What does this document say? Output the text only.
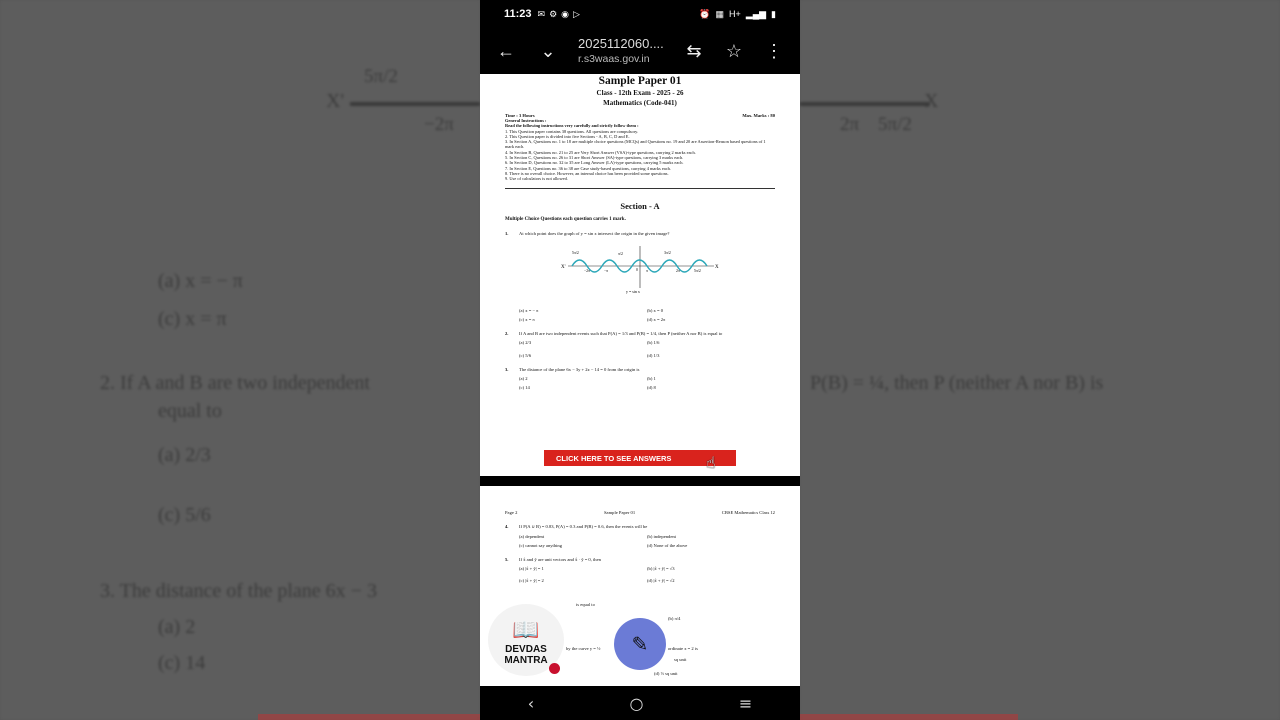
X'
5π/2
−2π
(a) x = − π
(c) x = π
2. If A and B are two independent
equal to
(a) 2/3
(c) 5/6
3. The distance of the plane 6x − 3
(a) 2
(c) 14
X
2π 5π/2
P(B) = ¼, then P (neither A nor B) is
11:23 ✉ ⚙ ◉ ▷	⏰ ▦ H+ ▂▄▆ ▮
← ⌄	2025112060....
r.s3waas.gov.in	⇆ ☆ ⋮
Sample Paper 01
Class - 12th Exam - 2025 - 26
Mathematics (Code-041)
Time : 3 Hours	Max. Marks : 80
General Instructions :
Read the following instructions very carefully and strictly follow them :
1. This Question paper contains 38 questions. All questions are compulsory.
2. This Question paper is divided into five Sections - A, B, C, D and E.
3. In Section A, Questions no. 1 to 18 are multiple choice questions (MCQs) and Questions no. 19 and 20 are Assertion-Reason based questions of 1 mark each.
4. In Section B, Questions no. 21 to 25 are Very Short Answer (VSA)-type questions, carrying 2 marks each.
5. In Section C, Questions no. 26 to 31 are Short Answer (SA)-type questions, carrying 3 marks each.
6. In Section D, Questions no. 32 to 35 are Long Answer (LA)-type questions, carrying 5 marks each.
7. In Section E, Questions no. 36 to 38 are Case study-based questions, carrying 4 marks each.
8. There is no overall choice. However, an internal choice has been provided some questions.
9. Use of calculators is not allowed.
Section - A
Multiple Choice Questions each question carries 1 mark.
1.	At which point does the graph of y = sin x intersect the origin in the given image?
X'	X
5π/2	π/2	3π/2
−2π	−π	0 π	2π	5π/2
y = sin x
(a) x = − π	(b) x = 0
(c) x = π	(d) x = 2π
2.	If A and B are two independent events such that P(A) = 1/3 and P(B) = 1/4, then P (neither A nor B) is equal to
(a) 2/3	(b) 1/6
(c) 5/6	(d) 1/3
3.	The distance of the plane 6x − 3y + 2z − 14 = 0 from the origin is
(a) 2	(b) 1
(c) 14	(d) 8
CLICK HERE TO SEE ANSWERS	☝
Page 2	Sample Paper 01	CBSE Mathematics Class 12
4.	If P(A ∪ B) = 0.83, P(A) = 0.3 and P(B) = 0.6, then the events will be
(a) dependent	(b) independent
(c) cannot say anything	(d) None of the above
5.	If x̂ and ŷ are unit vectors and x̂ · ŷ = 0, then
(a) |x̂ + ŷ| = 1	(b) |x̂ + ŷ| = √3
(c) |x̂ + ŷ| = 2	(d) |x̂ + ŷ| = √2
is equal to
(b) π/4
by the curve y = ½	ordinate x = 2 is
sq unit
(d) ⅓ sq unit
📖
DEVDAS
MANTRA
✎
‹	○	≡
